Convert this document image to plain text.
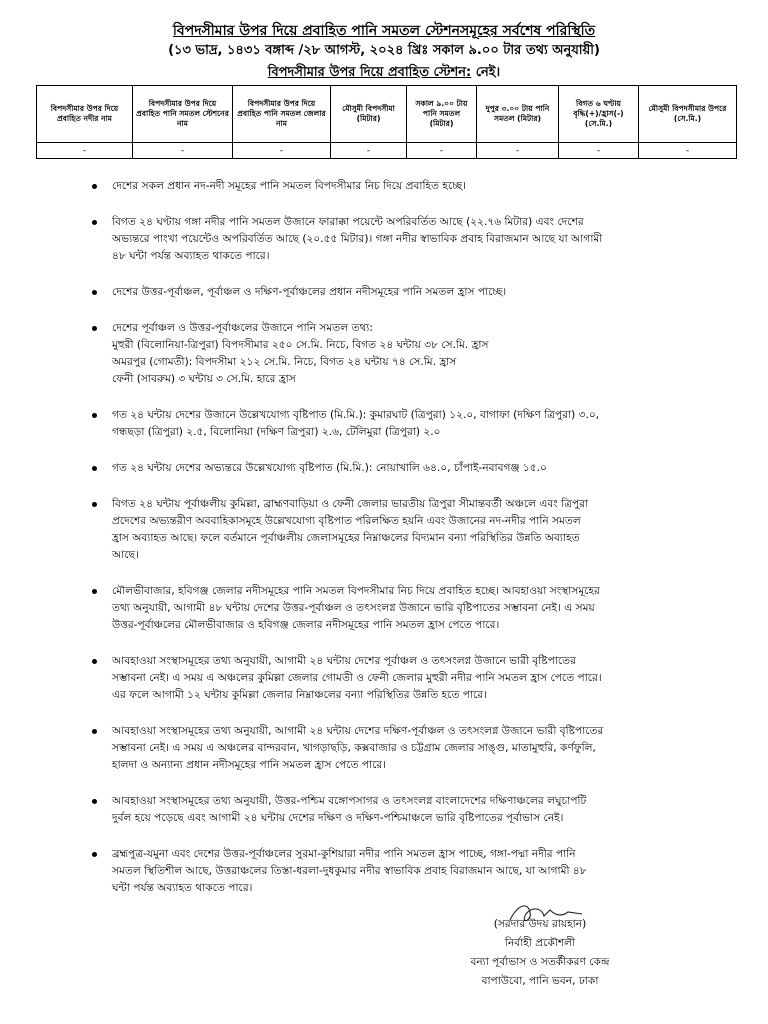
বিপদসীমার উপর দিয়ে প্রবাহিত পানি সমতল স্টেশনসমূহের সর্বশেষ পরিস্থিতি
(১৩ ভাদ্র, ১৪৩১ বঙ্গাব্দ /২৮ আগস্ট, ২০২৪ খ্রিঃ সকাল ৯.০০ টার তথ্য অনুযায়ী)
বিপদসীমার উপর দিয়ে প্রবাহিত স্টেশন: নেই।
বিপদসীমার উপর দিয়ে প্রবাহিত নদীর নাম	বিপদসীমার উপর দিয়ে প্রবাহিত পানি সমতল স্টেশনের নাম	বিপদসীমার উপর দিয়ে প্রবাহিত পানি সমতল জেলার নাম	মৌসুমী বিপদসীমা (মিটার)	সকাল ৯.০০ টায় পানি সমতল (মিটার)	দুপুর ৩.০০ টায় পানি সমতল (মিটার)	বিগত ৬ ঘণ্টায় বৃদ্ধি(+)/হ্রাস(-) (সে.মি.)	মৌসুমী বিপদসীমার উপরে (সে.মি.)
-	-	-	-	-	-	-	-
দেশের সকল প্রধান নদ-নদী সমূহের পানি সমতল বিপদসীমার নিচ দিয়ে প্রবাহিত হচ্ছে।
বিগত ২৪ ঘণ্টায় গঙ্গা নদীর পানি সমতল উজানে ফারাক্কা পয়েন্টে অপরিবর্তিত আছে (২২.৭৬ মিটার) এবং দেশের
অভ্যন্তরে পাংখা পয়েন্টেও অপরিবর্তিত আছে (২০.৫৫ মিটার)। গঙ্গা নদীর স্বাভাবিক প্রবাহ বিরাজমান আছে যা আগামী
৪৮ ঘন্টা পর্যন্ত অব্যাহত থাকতে পারে।
দেশের উত্তর-পূর্বাঞ্চল, পূর্বাঞ্চল ও দক্ষিণ-পূর্বাঞ্চলের প্রধান নদীসমূহের পানি সমতল হ্রাস পাচ্ছে।
দেশের পূর্বাঞ্চল ও উত্তর-পূর্বাঞ্চলের উজানে পানি সমতল তথ্য:
মুহুরী (বিলোনিয়া-ত্রিপুরা) বিপদসীমার ২৫০ সে.মি. নিচে, বিগত ২৪ ঘন্টায় ৩৮ সে.মি. হ্রাস
অমরপুর (গোমতী): বিপদসীমা ২১২ সে.মি. নিচে, বিগত ২৪ ঘন্টায় ৭৪ সে.মি. হ্রাস
ফেনী (সাবরুম) ৩ ঘন্টায় ৩ সে.মি. হারে হ্রাস
গত ২৪ ঘন্টায় দেশের উজানে উল্লেখযোগ্য বৃষ্টিপাত (মি.মি.): কুমারঘাট (ত্রিপুরা) ১২.০, বাগাফা (দক্ষিণ ত্রিপুরা) ৩.০,
গন্ধছড়া (ত্রিপুরা) ২.৫, বিলোনিয়া (দক্ষিণ ত্রিপুরা) ২.৬, টেলিমুরা (ত্রিপুরা) ২.০
গত ২৪ ঘন্টায় দেশের অভ্যন্তরে উল্লেখযোগ্য বৃষ্টিপাত (মি.মি.): নোয়াখালি ৬৪.০, চাঁপাই-নবাবগঞ্জ ১৫.০
বিগত ২৪ ঘন্টায় পূর্বাঞ্চলীয় কুমিল্লা, ব্রাহ্মণবাড়িয়া ও ফেনী জেলার ভারতীয় ত্রিপুরা সীমান্তবর্তী অঞ্চলে এবং ত্রিপুরা
প্রদেশের অভ্যন্তরীণ অববাহিকাসমূহে উল্লেখযোগ্য বৃষ্টিপাত পরিলক্ষিত হয়নি এবং উজানের নদ-নদীর পানি সমতল
হ্রাস অব্যাহত আছে। ফলে বর্তমানে পূর্বাঞ্চলীয় জেলাসমূহের নিম্নাঞ্চলের বিদ্যমান বন্যা পরিস্থিতির উন্নতি অব্যাহত
আছে।
মৌলভীবাজার, হবিগঞ্জ জেলার নদীসমূহের পানি সমতল বিপদসীমার নিচ দিয়ে প্রবাহিত হচ্ছে। আবহাওয়া সংস্থাসমূহের
তথ্য অনুযায়ী, আগামী ৪৮ ঘন্টায় দেশের উত্তর-পূর্বাঞ্চল ও তৎসংলগ্ন উজানে ভারি বৃষ্টিপাতের সম্ভাবনা নেই। এ সময়
উত্তর-পূর্বাঞ্চলের মৌলভীবাজার ও হবিগঞ্জ জেলার নদীসমূহের পানি সমতল হ্রাস পেতে পারে।
আবহাওয়া সংস্থাসমূহের তথ্য অনুযায়ী, আগামী ২৪ ঘন্টায় দেশের পূর্বাঞ্চল ও তৎসংলগ্ন উজানে ভারী বৃষ্টিপাতের
সম্ভাবনা নেই। এ সময় এ অঞ্চলের কুমিল্লা জেলার গোমতী ও ফেনী জেলার মুহুরী নদীর পানি সমতল হ্রাস পেতে পারে।
এর ফলে আগামী ১২ ঘন্টায় কুমিল্লা জেলার নিম্নাঞ্চলের বন্যা পরিস্থিতির উন্নতি হতে পারে।
আবহাওয়া সংস্থাসমূহের তথ্য অনুযায়ী, আগামী ২৪ ঘন্টায় দেশের দক্ষিণ-পূর্বাঞ্চল ও তৎসংলগ্ন উজানে ভারী বৃষ্টিপাতের
সম্ভাবনা নেই। এ সময় এ অঞ্চলের বান্দরবান, খাগড়াছড়ি, কক্সবাজার ও চট্টগ্রাম জেলার সাঙ্গু, মাতামুহুরি, কর্ণফুলি,
হালদা ও অন্যান্য প্রধান নদীসমূহের পানি সমতল হ্রাস পেতে পারে।
আবহাওয়া সংস্থাসমূহের তথ্য অনুযায়ী, উত্তর-পশ্চিম বঙ্গোপসাগর ও তৎসংলগ্ন বাংলাদেশের দক্ষিণাঞ্চলের লঘুচাপটি
দুর্বল হয়ে পড়েছে এবং আগামী ২৪ ঘন্টায় দেশের দক্ষিণ ও দক্ষিণ-পশ্চিমাঞ্চলে ভারি বৃষ্টিপাতের পূর্বাভাস নেই।
ব্রহ্মপুত্র-যমুনা এবং দেশের উত্তর-পূর্বাঞ্চলের সুরমা-কুশিয়ারা নদীর পানি সমতল হ্রাস পাচ্ছে, গঙ্গা-পদ্মা নদীর পানি
সমতল স্থিতিশীল আছে, উত্তরাঞ্চলের তিস্তা-ধরলা-দুধকুমার নদীর স্বাভাবিক প্রবাহ বিরাজমান আছে, যা আগামী ৪৮
ঘন্টা পর্যন্ত অব্যাহত থাকতে পারে।
(সরদার উদয় রায়হান)
নির্বাহী প্রকৌশলী
বন্যা পূর্বাভাস ও সতর্কীকরণ কেন্দ্র
বাপাউবো, পানি ভবন, ঢাকা
